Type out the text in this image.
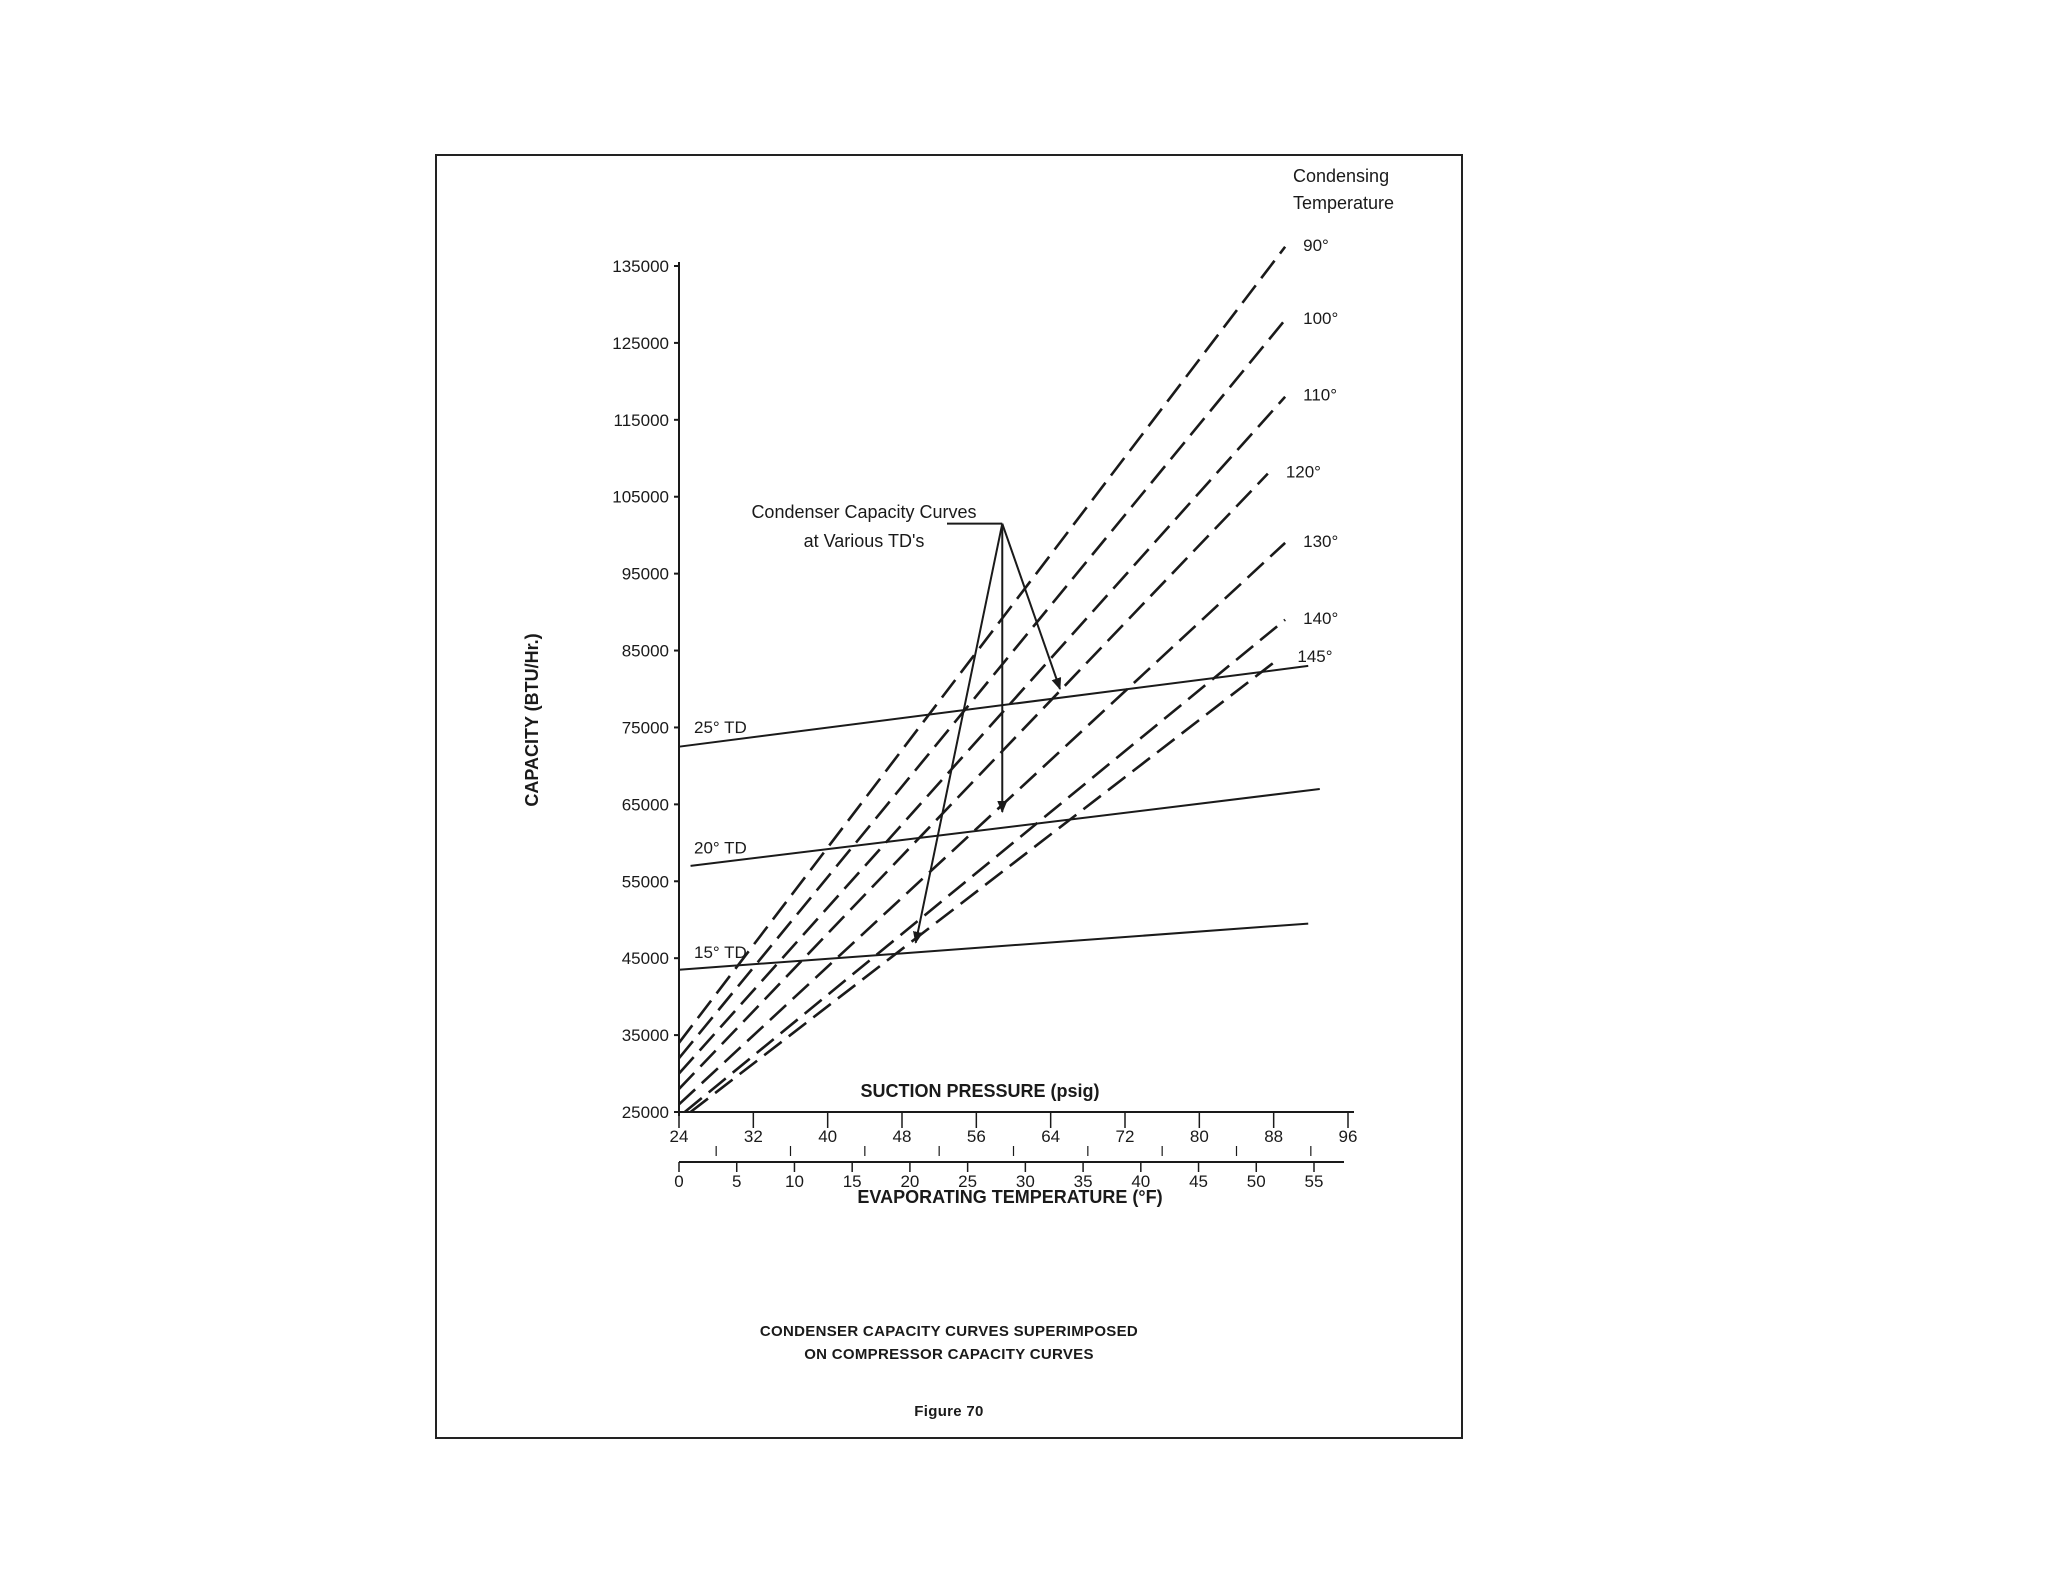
CAPACITY (BTU/Hr.)
SUCTION PRESSURE (psig)
EVAPORATING TEMPERATURE (°F)
Condensing
Temperature
Condenser Capacity Curves
at Various TD's
25000
35000
45000
55000
65000
75000
85000
95000
105000
115000
125000
135000
24	32	40	48	56	64	72	80	88	96
0	5	10 15 20 25 30 35 40 45 50 55
90°
100°
110°
120°
130°
140°
145°
25° TD
20° TD
15° TD
CONDENSER CAPACITY CURVES SUPERIMPOSED
ON COMPRESSOR CAPACITY CURVES
Figure 70
